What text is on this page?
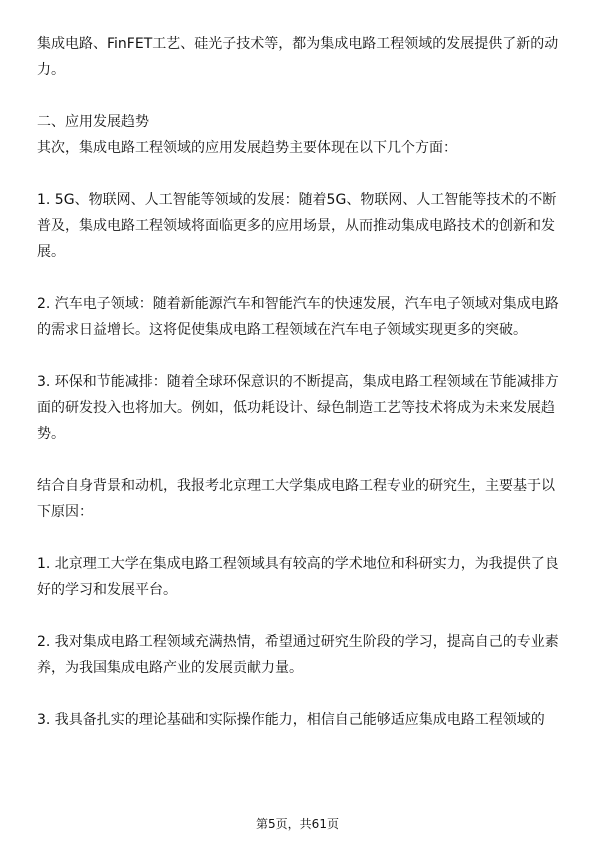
集成电路、FinFET工艺、硅光子技术等，都为集成电路工程领域的发展提供了新的动力。

二、应用发展趋势

其次，集成电路工程领域的应用发展趋势主要体现在以下几个方面：

1. 5G、物联网、人工智能等领域的发展：随着5G、物联网、人工智能等技术的不断普及，集成电路工程领域将面临更多的应用场景，从而推动集成电路技术的创新和发展。

2. 汽车电子领域：随着新能源汽车和智能汽车的快速发展，汽车电子领域对集成电路的需求日益增长。这将促使集成电路工程领域在汽车电子领域实现更多的突破。

3. 环保和节能减排：随着全球环保意识的不断提高，集成电路工程领域在节能减排方面的研发投入也将加大。例如，低功耗设计、绿色制造工艺等技术将成为未来发展趋势。

结合自身背景和动机，我报考北京理工大学集成电路工程专业的研究生，主要基于以下原因：

1. 北京理工大学在集成电路工程领域具有较高的学术地位和科研实力，为我提供了良好的学习和发展平台。

2. 我对集成电路工程领域充满热情，希望通过研究生阶段的学习，提高自己的专业素养，为我国集成电路产业的发展贡献力量。

3. 我具备扎实的理论基础和实际操作能力，相信自己能够适应集成电路工程领域的

第5页，共61页
